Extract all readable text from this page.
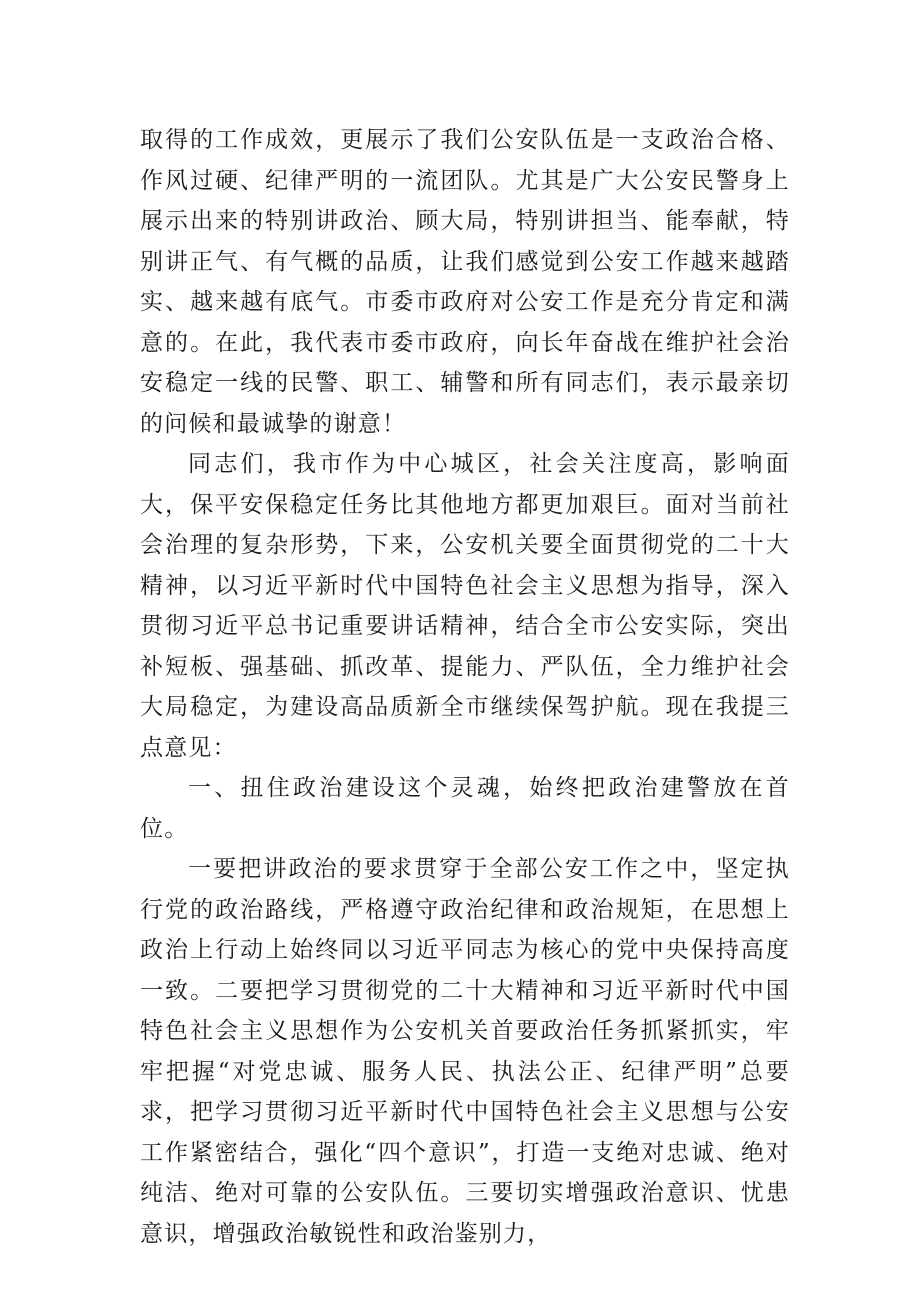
取得的工作成效，更展示了我们公安队伍是一支政治合格、作风过硬、纪律严明的一流团队。尤其是广大公安民警身上展示出来的特别讲政治、顾大局，特别讲担当、能奉献，特别讲正气、有气概的品质，让我们感觉到公安工作越来越踏实、越来越有底气。市委市政府对公安工作是充分肯定和满意的。在此，我代表市委市政府，向长年奋战在维护社会治安稳定一线的民警、职工、辅警和所有同志们，表示最亲切的问候和最诚挚的谢意！

同志们，我市作为中心城区，社会关注度高，影响面大，保平安保稳定任务比其他地方都更加艰巨。面对当前社会治理的复杂形势，下来，公安机关要全面贯彻党的二十大精神，以习近平新时代中国特色社会主义思想为指导，深入贯彻习近平总书记重要讲话精神，结合全市公安实际，突出补短板、强基础、抓改革、提能力、严队伍，全力维护社会大局稳定，为建设高品质新全市继续保驾护航。现在我提三点意见：

一、扭住政治建设这个灵魂，始终把政治建警放在首位。

一要把讲政治的要求贯穿于全部公安工作之中，坚定执行党的政治路线，严格遵守政治纪律和政治规矩，在思想上政治上行动上始终同以习近平同志为核心的党中央保持高度一致。二要把学习贯彻党的二十大精神和习近平新时代中国特色社会主义思想作为公安机关首要政治任务抓紧抓实，牢牢把握“对党忠诚、服务人民、执法公正、纪律严明”总要求，把学习贯彻习近平新时代中国特色社会主义思想与公安工作紧密结合，强化“四个意识”，打造一支绝对忠诚、绝对纯洁、绝对可靠的公安队伍。三要切实增强政治意识、忧患意识，增强政治敏锐性和政治鉴别力，
